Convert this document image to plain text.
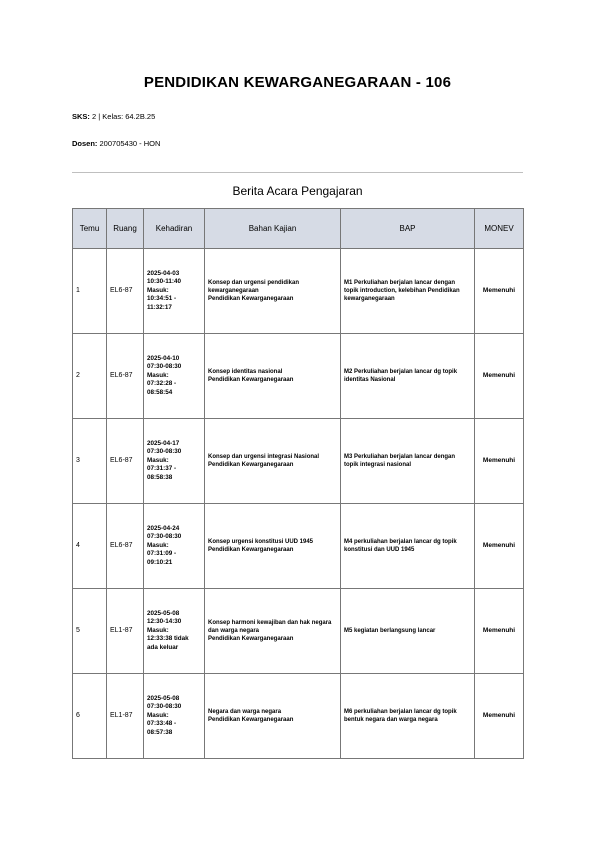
PENDIDIKAN KEWARGANEGARAAN - 106
SKS: 2 | Kelas: 64.2B.25
Dosen: 200705430 - HON
Berita Acara Pengajaran
Temu	Ruang	Kehadiran	Bahan Kajian	BAP	MONEV
1	EL6-87	2025-04-03
10:30-11:40
Masuk:
10:34:51 -
11:32:17	Konsep dan urgensi pendidikan kewarganegaraan
Pendidikan Kewarganegaraan	M1 Perkuliahan berjalan lancar dengan topik introduction, kelebihan Pendidikan kewarganegaraan	Memenuhi
2	EL6-87	2025-04-10
07:30-08:30
Masuk:
07:32:28 -
08:58:54	Konsep identitas nasional
Pendidikan Kewarganegaraan	M2 Perkuliahan berjalan lancar dg topik identitas Nasional	Memenuhi
3	EL6-87	2025-04-17
07:30-08:30
Masuk:
07:31:37 -
08:58:38	Konsep dan urgensi integrasi Nasional
Pendidikan Kewarganegaraan	M3 Perkuliahan berjalan lancar dengan topik integrasi nasional	Memenuhi
4	EL6-87	2025-04-24
07:30-08:30
Masuk:
07:31:09 -
09:10:21	Konsep urgensi konstitusi UUD 1945
Pendidikan Kewarganegaraan	M4 perkuliahan berjalan lancar dg topik konstitusi dan UUD 1945	Memenuhi
5	EL1-87	2025-05-08
12:30-14:30
Masuk:
12:33:38 tidak
ada keluar	Konsep harmoni kewajiban dan hak negara dan warga negara
Pendidikan Kewarganegaraan	M5 kegiatan berlangsung lancar	Memenuhi
6	EL1-87	2025-05-08
07:30-08:30
Masuk:
07:33:48 -
08:57:38	Negara dan warga negara
Pendidikan Kewarganegaraan	M6 perkuliahan berjalan lancar dg topik bentuk negara dan warga negara	Memenuhi
